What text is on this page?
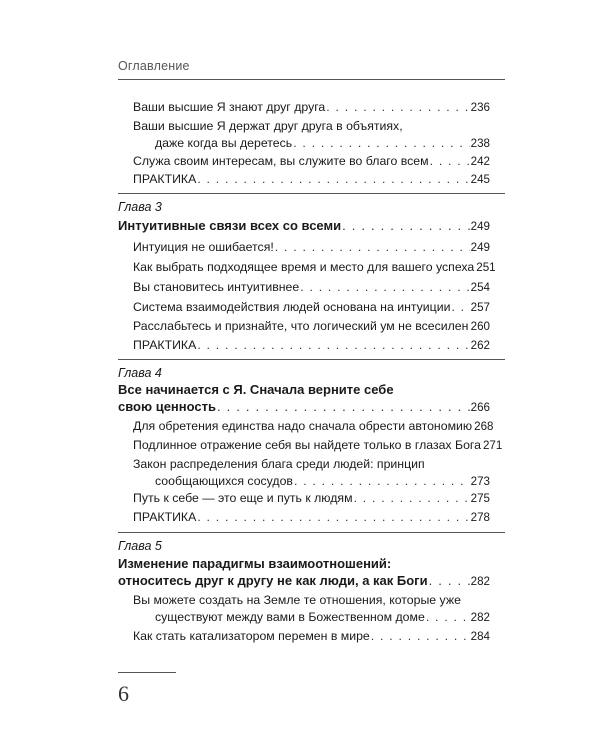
Оглавление
Ваши высшие Я знают друг друга . . .	236
Ваши высшие Я держат друг друга в объятиях,
даже когда вы деретесь . . .	238
Служа своим интересам, вы служите во благо всем . . .	242
ПРАКТИКА . . .	245
Глава 3
Интуитивные связи всех со всеми . . .	249
Интуиция не ошибается! . . .	249
Как выбрать подходящее время и место для вашего успеха 251
Вы становитесь интуитивнее . . .	254
Система взаимодействия людей основана на интуиции . . . 257
Расслабьтесь и признайте, что логический ум не всесилен . . . 260
ПРАКТИКА . . .	262
Глава 4
Все начинается с Я. Сначала верните себе
свою ценность . . .	266
Для обретения единства надо сначала обрести автономию 268
Подлинное отражение себя вы найдете только в глазах Бога 271
Закон распределения блага среди людей: принцип
сообщающихся сосудов . . .	273
Путь к себе — это еще и путь к людям . . .	275
ПРАКТИКА . . .	278
Глава 5
Изменение парадигмы взаимоотношений:
относитесь друг к другу не как люди, а как Боги . . .	282
Вы можете создать на Земле те отношения, которые уже
существуют между вами в Божественном доме . . .	282
Как стать катализатором перемен в мире . . .	284
6
